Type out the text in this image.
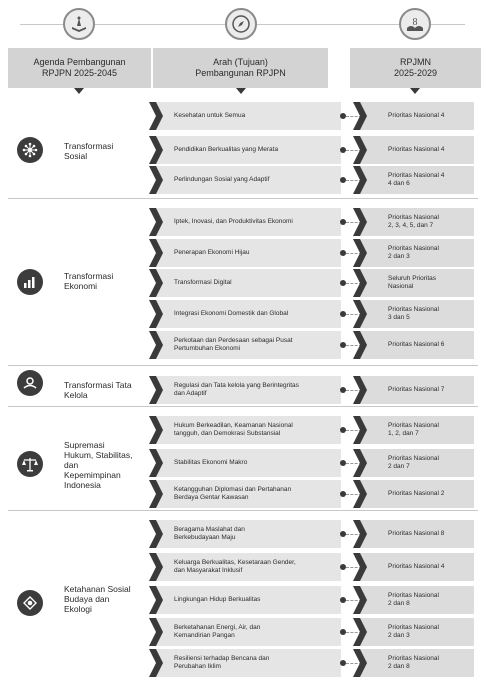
Agenda Pembangunan
RPJPN 2025-2045
Arah (Tujuan)
Pembangunan RPJPN
8
RPJMN
2025-2029
Transformasi
Sosial
Kesehatan untuk Semua	Prioritas Nasional 4
Pendidikan Berkualitas yang Merata	Prioritas Nasional 4
Perlindungan Sosial yang Adaptif
Prioritas Nasional 4
4 dan 6
Transformasi
Ekonomi
Iptek, Inovasi, dan Produktivitas Ekonomi
Prioritas Nasional
2, 3, 4, 5, dan 7
Penerapan Ekonomi Hijau
Prioritas Nasional
2 dan 3
Transformasi Digital
Seluruh Prioritas
Nasional
Integrasi Ekonomi Domestik dan Global
Prioritas Nasional
3 dan 5
Perkotaan dan Perdesaan sebagai Pusat
Pertumbuhan Ekonomi
Prioritas Nasional 6
Transformasi Tata
Kelola
Regulasi dan Tata kelola yang Berintegritas
dan Adaptif
Prioritas Nasional 7
Supremasi
Hukum, Stabilitas,
dan
Kepemimpinan
Indonesia
Hukum Berkeadilan, Keamanan Nasional
tangguh, dan Demokrasi Substansial
Prioritas Nasional
1, 2, dan 7
Stabilitas Ekonomi Makro
Prioritas Nasional
2 dan 7
Ketangguhan Diplomasi dan Pertahanan
Berdaya Gentar Kawasan
Prioritas Nasional 2
Ketahanan Sosial
Budaya dan
Ekologi
Beragama Maslahat dan
Berkebudayaan Maju
Prioritas Nasional 8
Keluarga Berkualitas, Kesetaraan Gender,
dan Masyarakat Inklusif
Prioritas Nasional 4
Lingkungan Hidup Berkualitas
Prioritas Nasional
2 dan 8
Berketahanan Energi, Air, dan
Kemandirian Pangan
Prioritas Nasional
2 dan 3
Resiliensi terhadap Bencana dan
Perubahan Iklim
Prioritas Nasional
2 dan 8
